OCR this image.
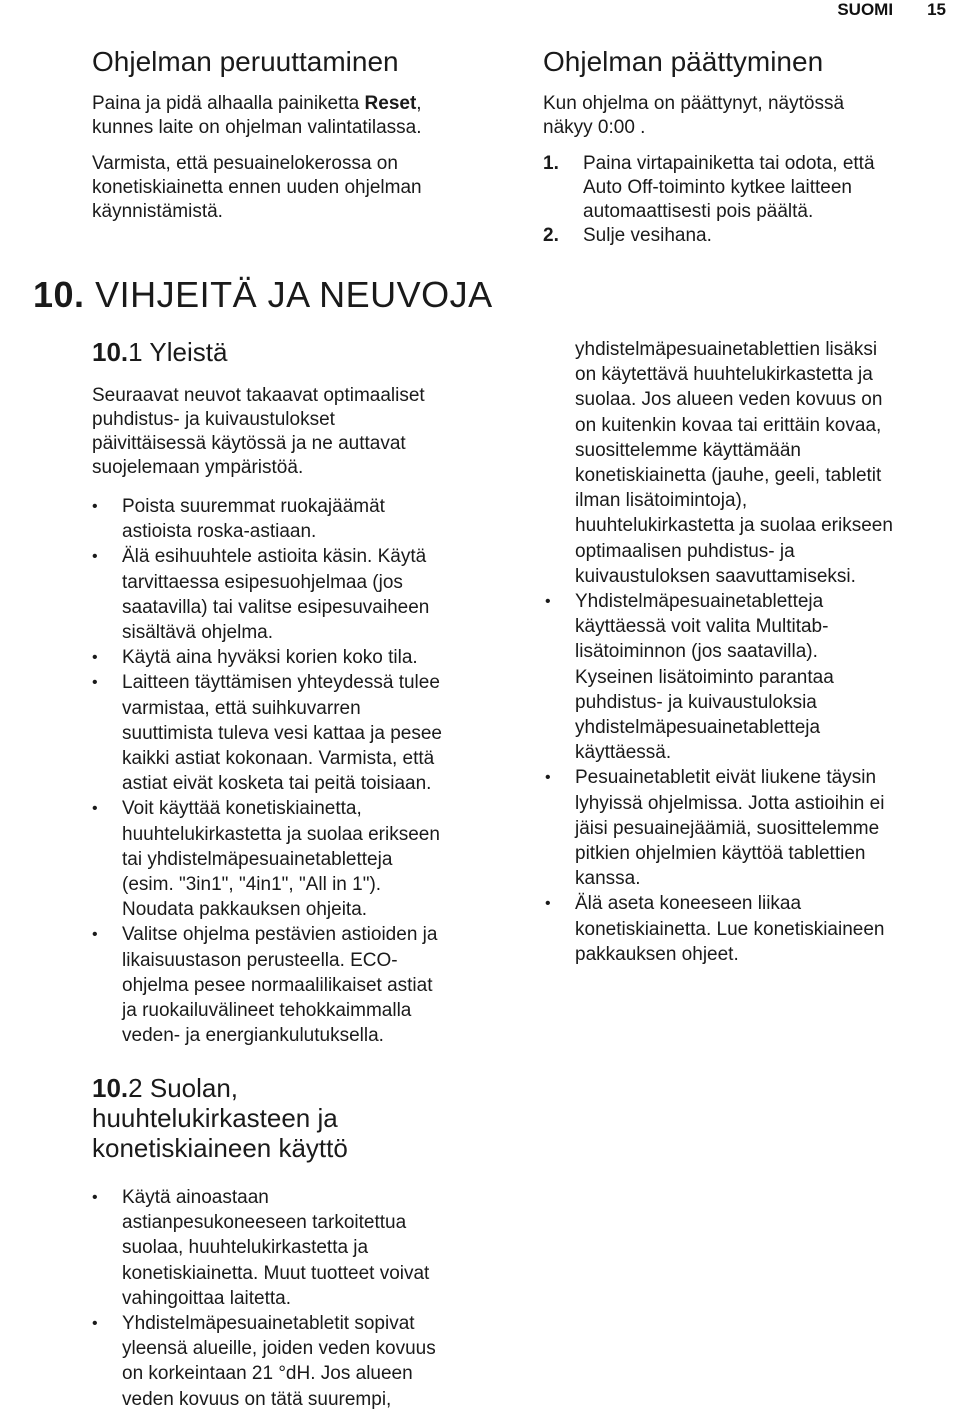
SUOMI 15
Ohjelman peruuttaminen

Paina ja pidä alhaalla painiketta Reset,
kunnes laite on ohjelman valintatilassa.

Varmista, että pesuainelokerossa on
konetiskiainetta ennen uuden ohjelman
käynnistämistä.

Ohjelman päättyminen

Kun ohjelma on päättynyt, näytössä
näkyy 0:00 .

1. Paina virtapainiketta tai odota, että
Auto Off-toiminto kytkee laitteen
automaattisesti pois päältä.
2. Sulje vesihana.
10. VIHJEITÄ JA NEUVOJA
10.1 Yleistä

Seuraavat neuvot takaavat optimaaliset
puhdistus- ja kuivaustulokset
päivittäisessä käytössä ja ne auttavat
suojelemaan ympäristöä.

• Poista suuremmat ruokajäämät
astioista roska-astiaan.
• Älä esihuuhtele astioita käsin. Käytä
tarvittaessa esipesuohjelmaa (jos
saatavilla) tai valitse esipesuvaiheen
sisältävä ohjelma.
• Käytä aina hyväksi korien koko tila.
• Laitteen täyttämisen yhteydessä tulee
varmistaa, että suihkuvarren
suuttimista tuleva vesi kattaa ja pesee
kaikki astiat kokonaan. Varmista, että
astiat eivät kosketa tai peitä toisiaan.
• Voit käyttää konetiskiainetta,
huuhtelukirkastetta ja suolaa erikseen
tai yhdistelmäpesuainetabletteja
(esim. "3in1", "4in1", "All in 1").
Noudata pakkauksen ohjeita.
• Valitse ohjelma pestävien astioiden ja
likaisuustason perusteella. ECO-
ohjelma pesee normaalilikaiset astiat
ja ruokailuvälineet tehokkaimmalla
veden- ja energiankulutuksella.
10.2 Suolan,
huuhtelukirkasteen ja
konetiskiaineen käyttö
• Käytä ainoastaan
astianpesukoneeseen tarkoitettua
suolaa, huuhtelukirkastetta ja
konetiskiainetta. Muut tuotteet voivat
vahingoittaa laitetta.
• Yhdistelmäpesuainetabletit sopivat
yleensä alueille, joiden veden kovuus
on korkeintaan 21 °dH. Jos alueen
veden kovuus on tätä suurempi,

yhdistelmäpesuainetablettien lisäksi
on käytettävä huuhtelukirkastetta ja
suolaa. Jos alueen veden kovuus on
on kuitenkin kovaa tai erittäin kovaa,
suosittelemme käyttämään
konetiskiainetta (jauhe, geeli, tabletit
ilman lisätoimintoja),
huuhtelukirkastetta ja suolaa erikseen
optimaalisen puhdistus- ja
kuivaustuloksen saavuttamiseksi.

• Yhdistelmäpesuainetabletteja
käyttäessä voit valita Multitab-
lisätoiminnon (jos saatavilla).
Kyseinen lisätoiminto parantaa
puhdistus- ja kuivaustuloksia
yhdistelmäpesuainetabletteja
käyttäessä.
• Pesuainetabletit eivät liukene täysin
lyhyissä ohjelmissa. Jotta astioihin ei
jäisi pesuainejäämiä, suosittelemme
pitkien ohjelmien käyttöä tablettien
kanssa.
• Älä aseta koneeseen liikaa
konetiskiainetta. Lue konetiskiaineen
pakkauksen ohjeet.
